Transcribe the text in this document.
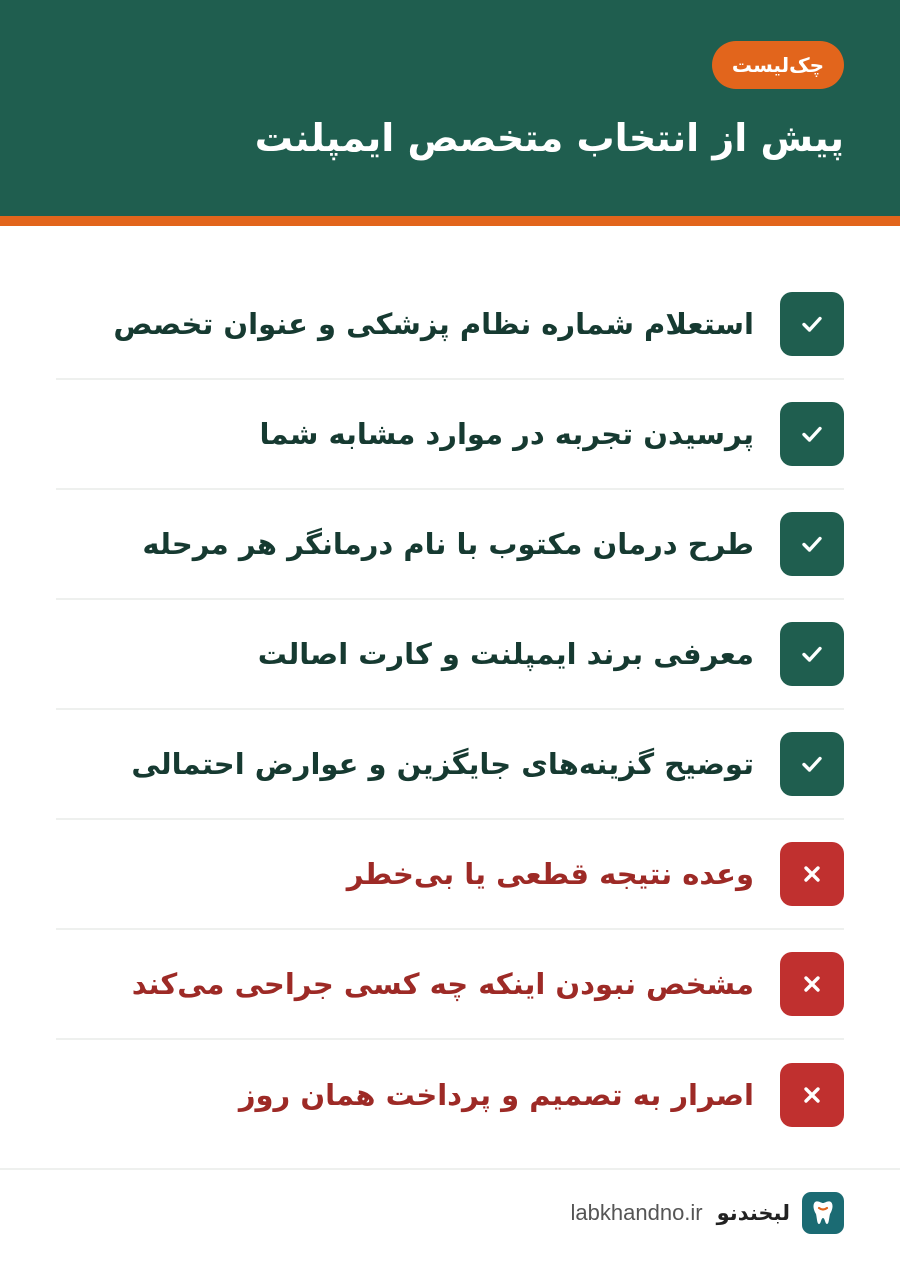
چک‌لیست
پیش از انتخاب متخصص ایمپلنت
استعلام شماره نظام پزشکی و عنوان تخصص
پرسیدن تجربه در موارد مشابه شما
طرح درمان مکتوب با نام درمانگر هر مرحله
معرفی برند ایمپلنت و کارت اصالت
توضیح گزینه‌های جایگزین و عوارض احتمالی
وعده نتیجه قطعی یا بی‌خطر
مشخص نبودن اینکه چه کسی جراحی می‌کند
اصرار به تصمیم و پرداخت همان روز
لبخندنو
labkhandno.ir
